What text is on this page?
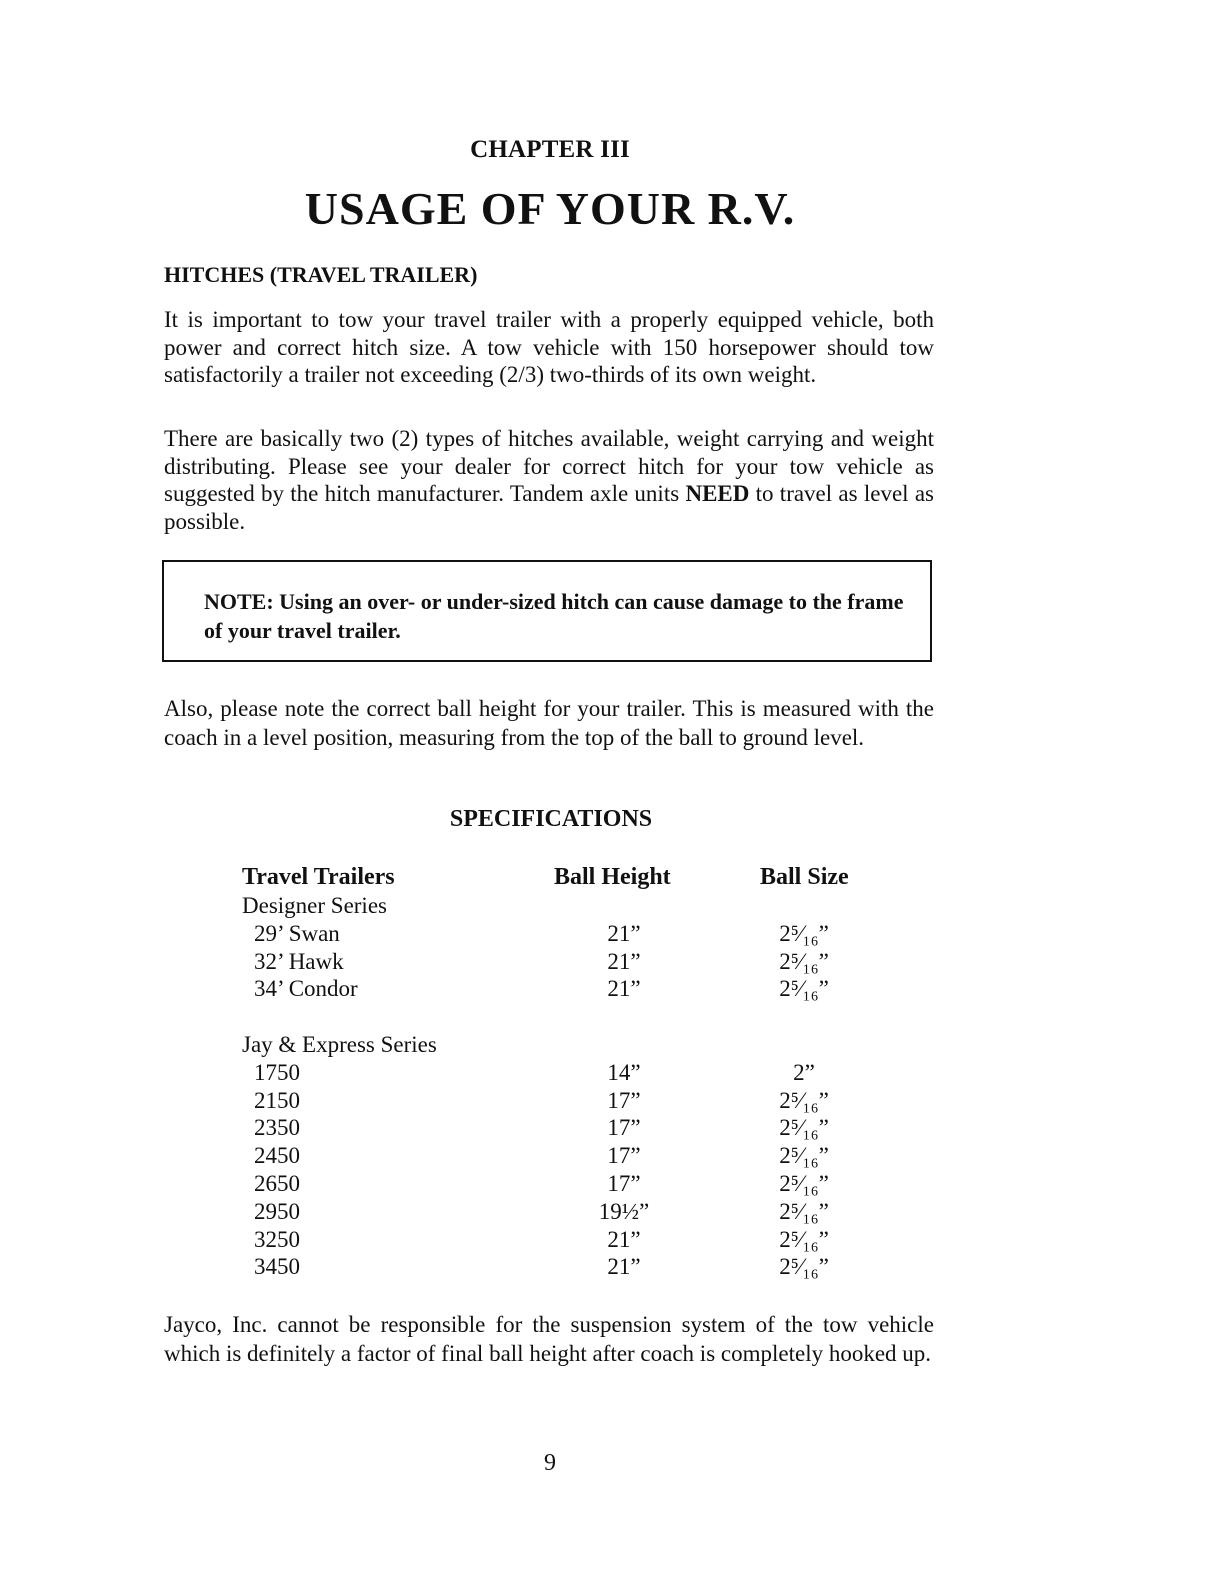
CHAPTER III
USAGE OF YOUR R.V.
HITCHES (TRAVEL TRAILER)

It is important to tow your travel trailer with a properly equipped vehicle, both power and correct hitch size. A tow vehicle with 150 horsepower should tow satisfactorily a trailer not exceeding (2/3) two-thirds of its own weight.

There are basically two (2) types of hitches available, weight carrying and weight distributing. Please see your dealer for correct hitch for your tow vehicle as suggested by the hitch manufacturer. Tandem axle units NEED to travel as level as possible.

NOTE: Using an over- or under-sized hitch can cause damage to the frame of your travel trailer.

Also, please note the correct ball height for your trailer. This is measured with the coach in a level position, measuring from the top of the ball to ground level.

SPECIFICATIONS
Travel Trailers	Ball Height	Ball Size
Designer Series
29’ Swan	21”	2⁵⁄₁₆”
32’ Hawk	21”	2⁵⁄₁₆”
34’ Condor	21”	2⁵⁄₁₆”
Jay & Express Series
1750	14”	2”
2150	17”	2⁵⁄₁₆”
2350	17”	2⁵⁄₁₆”
2450	17”	2⁵⁄₁₆”
2650	17”	2⁵⁄₁₆”
2950	19½”	2⁵⁄₁₆”
3250	21”	2⁵⁄₁₆”
3450	21”	2⁵⁄₁₆”

Jayco, Inc. cannot be responsible for the suspension system of the tow vehicle which is definitely a factor of final ball height after coach is completely hooked up.

9
